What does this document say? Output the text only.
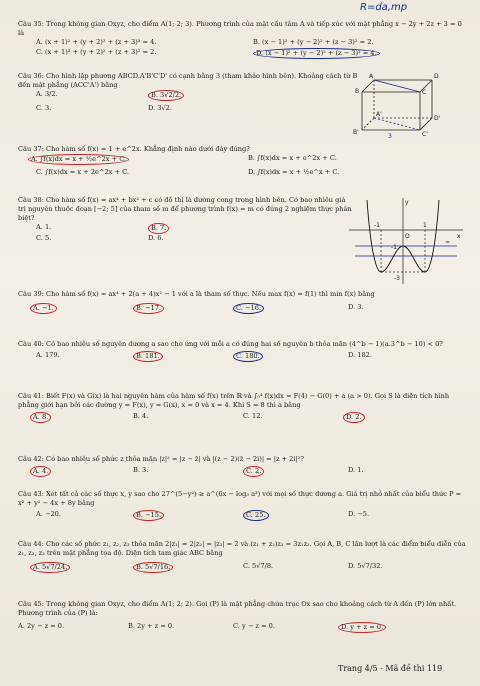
R=da,mp
Câu 35: Trong không gian Oxyz, cho điểm A(1; 2; 3). Phương trình của mặt cầu tâm A và tiếp xúc với mặt phẳng x − 2y + 2z + 3 = 0 là
A. (x + 1)² + (y + 2)² + (z + 3)² = 4.	B. (x − 1)² + (y − 2)² + (z − 3)² = 2.
C. (x + 1)² + (y + 2)² + (z + 3)² = 2.	D. (x − 1)² + (y − 2)² + (z − 3)² = 4.
Câu 36: Cho hình lập phương ABCD.A'B'C'D' có cạnh bằng 3 (tham khảo hình bên). Khoảng cách từ B đến mặt phẳng (ACC'A') bằng
A. 3/2.	B. 3√2/2.
C. 3.	D. 3√2.
A	D
B	C
A'
D'
B'	C'
3
Câu 37: Cho hàm số f(x) = 1 + e^2x. Khẳng định nào dưới đây đúng?
A. ∫f(x)dx = x + ½e^2x + C.	B. ∫f(x)dx = x + e^2x + C.
C. ∫f(x)dx = x + 2e^2x + C.	D. ∫f(x)dx = x + ½e^x + C.
Câu 38: Cho hàm số f(x) = ax⁴ + bx² + c có đồ thị là đường cong trong hình bên. Có bao nhiêu giá trị nguyên thuộc đoạn [−2; 5] của tham số m để phương trình f(x) = m có đúng 2 nghiệm thực phân biệt?
A. 1.	B. 7.
C. 5.	D. 6.
y
-1
O
1
x
-1
-3
≈
Câu 39: Cho hàm số f(x) = ax⁴ + 2(a + 4)x² − 1 với a là tham số thực. Nếu max f(x) = f(1) thì min f(x) bằng
A. −1.	B. −17.	C. −16.	D. 3.
Câu 40: Có bao nhiêu số nguyên dương a sao cho ứng với mỗi a có đúng hai số nguyên b thỏa mãn (4^b − 1)(a.3^b − 10) < 0?
A. 179.	B. 181.	C. 180.	D. 182.
Câu 41: Biết F(x) và G(x) là hai nguyên hàm của hàm số f(x) trên ℝ và ∫₀⁴ f(x)dx = F(4) − G(0) + a (a > 0). Gọi S là diện tích hình phẳng giới hạn bởi các đường y = F(x), y = G(x), x = 0 và x = 4. Khi S = 8 thì a bằng
A. 8.	B. 4.	C. 12.	D. 2.
Câu 42: Có bao nhiêu số phức z thỏa mãn |z|² = |z − z̄| và |(z − 2)(z̄ − 2i)| = |z + 2i|²?
A. 4.	B. 3.	C. 2.	D. 1.
Câu 43: Xét tất cả các số thực x, y sao cho 27^(5−y²) ≥ a^(6x − log₃ a³) với mọi số thực dương a. Giá trị nhỏ nhất của biểu thức P = x² + y² − 4x + 8y bằng
A. −20.	B. −15.	C. 25.	D. −5.
Câu 44: Cho các số phức z₁, z₂, z₃ thỏa mãn 2|z₁| = 2|z₂| = |z₃| = 2 và (z₁ + z₂)z₃ = 3z₁z₂. Gọi A, B, C lần lượt là các điểm biểu diễn của z₁, z₂, z₃ trên mặt phẳng tọa độ. Diện tích tam giác ABC bằng
A. 5√7/24.	B. 5√7/16.	C. 5√7/8.	D. 5√7/32.
Câu 45: Trong không gian Oxyz, cho điểm A(1; 2; 2). Gọi (P) là mặt phẳng chứa trục Ox sao cho khoảng cách từ A đến (P) lớn nhất. Phương trình của (P) là:
A. 2y − z = 0.	B. 2y + z = 0.	C. y − z = 0.	D. y + z = 0.
Trang 4/5 - Mã đề thi 119
